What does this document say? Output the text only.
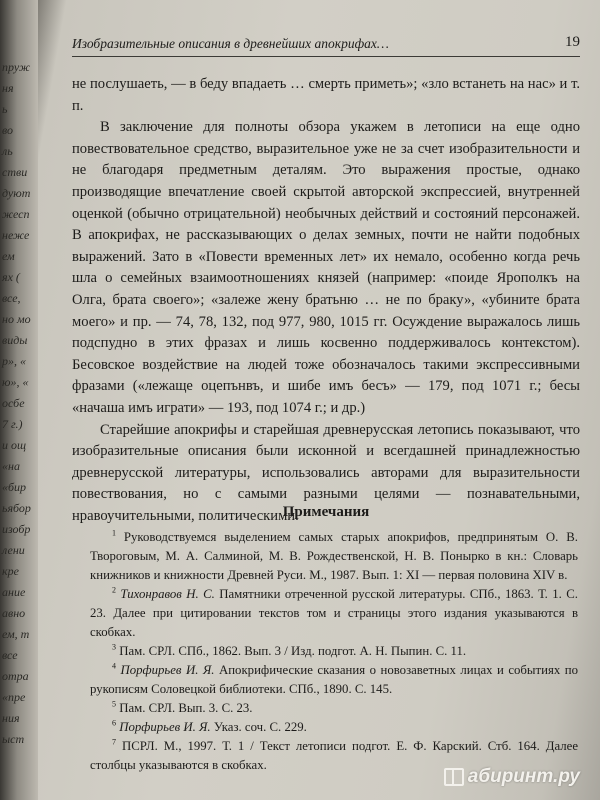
пруж
ня
ь
во
ль
стви
дуют
жесп
неже
ем
ях (
все,
но мо
виды
р», «
ю», «
осбе
7 г.)
и ощ
«на
«бир
ьябор
изобр
лени
кре
ание
авно
ем, т
все
отра
«пре
ния
ыст
Изобразительные описания в древнейших апокрифах…	19

не послушаеть, — в беду впадаеть … смерть приметь»; «зло встанеть на нас» и т. п.

В заключение для полноты обзора укажем в летописи на еще одно повествовательное средство, выразительное уже не за счет изобразительности и не благодаря предметным деталям. Это выражения простые, однако производящие впечатление своей скрытой авторской экспрессией, внутренней оценкой (обычно отрицательной) необычных действий и состояний персонажей. В апокрифах, не рассказывающих о делах земных, почти не найти подобных выражений. Зато в «Повести временных лет» их немало, особенно когда речь шла о семейных взаимоотношениях князей (например: «поиде Ярополкъ на Олга, брата своего»; «залеже жену братьню … не по браку», «убините брата моего» и пр. — 74, 78, 132, под 977, 980, 1015 гг. Осуждение выражалось лишь подспудно в этих фразах и лишь косвенно поддерживалось контекстом). Бесовское воздействие на людей тоже обозначалось такими экспрессивными фразами («лежаще оцепънвъ, и шибе имъ бесъ» — 179, под 1071 г.; бесы «начаша имъ играти» — 193, под 1074 г.; и др.)

Старейшие апокрифы и старейшая древнерусская летопись показывают, что изобразительные описания были исконной и всегдашней принадлежностью древнерусской литературы, использовались авторами для выразительности повествования, но с самыми разными целями — познавательными, нравоучительными, политическими.

Примечания

$^1$ Руководствуемся выделением самых старых апокрифов, предпринятым О. В. Твороговым, М. А. Салминой, М. В. Рождественской, Н. В. Понырко в кн.: Словарь книжников и книжности Древней Руси. М., 1987. Вып. 1: XI — первая половина XIV в.

$^2$ Тихонравов Н. С. Памятники отреченной русской литературы. СПб., 1863. Т. 1. С. 23. Далее при цитировании текстов том и страницы этого издания указываются в скобках.

$^3$ Пам. СРЛ. СПб., 1862. Вып. 3 / Изд. подгот. А. Н. Пыпин. С. 11.

$^4$ Порфирьев И. Я. Апокрифические сказания о новозаветных лицах и событиях по рукописям Соловецкой библиотеки. СПб., 1890. С. 145.

$^5$ Пам. СРЛ. Вып. 3. С. 23.

$^6$ Порфирьев И. Я. Указ. соч. С. 229.

$^7$ ПСРЛ. М., 1997. Т. 1 / Текст летописи подгот. Е. Ф. Карский. Стб. 164. Далее столбцы указываются в скобках.

абиринт.ру
